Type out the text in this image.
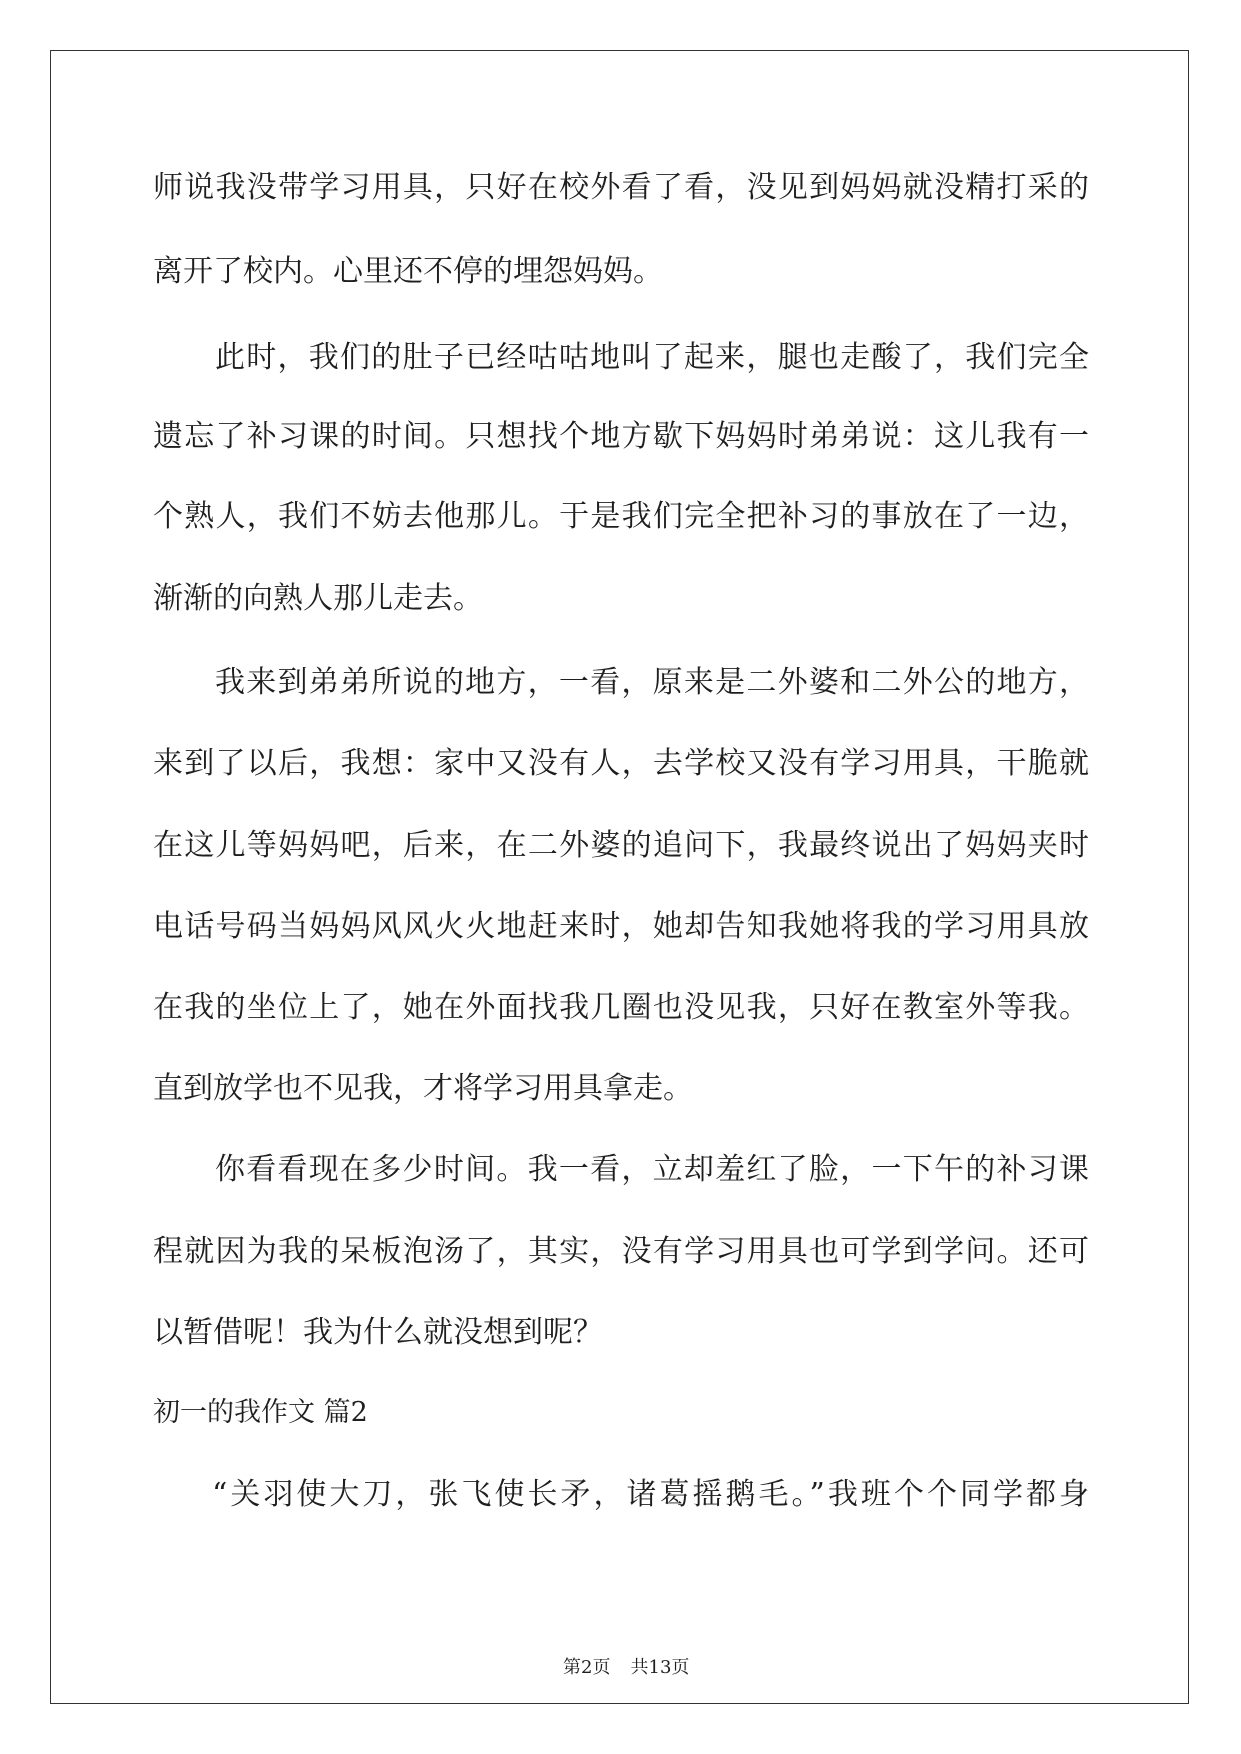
师说我没带学习用具，只好在校外看了看，没见到妈妈就没精打采的
离开了校内。心里还不停的埋怨妈妈。
此时，我们的肚子已经咕咕地叫了起来，腿也走酸了，我们完全
遗忘了补习课的时间。只想找个地方歇下妈妈时弟弟说：这儿我有一
个熟人，我们不妨去他那儿。于是我们完全把补习的事放在了一边，
渐渐的向熟人那儿走去。
我来到弟弟所说的地方，一看，原来是二外婆和二外公的地方，
来到了以后，我想：家中又没有人，去学校又没有学习用具，干脆就
在这儿等妈妈吧，后来，在二外婆的追问下，我最终说出了妈妈夹时
电话号码当妈妈风风火火地赶来时，她却告知我她将我的学习用具放
在我的坐位上了，她在外面找我几圈也没见我，只好在教室外等我。
直到放学也不见我，才将学习用具拿走。
你看看现在多少时间。我一看，立却羞红了脸，一下午的补习课
程就因为我的呆板泡汤了，其实，没有学习用具也可学到学问。还可
以暂借呢！我为什么就没想到呢？
初一的我作文 篇2
“关羽使大刀，张飞使长矛，诸葛摇鹅毛。”我班个个同学都身

第2页 共13页
